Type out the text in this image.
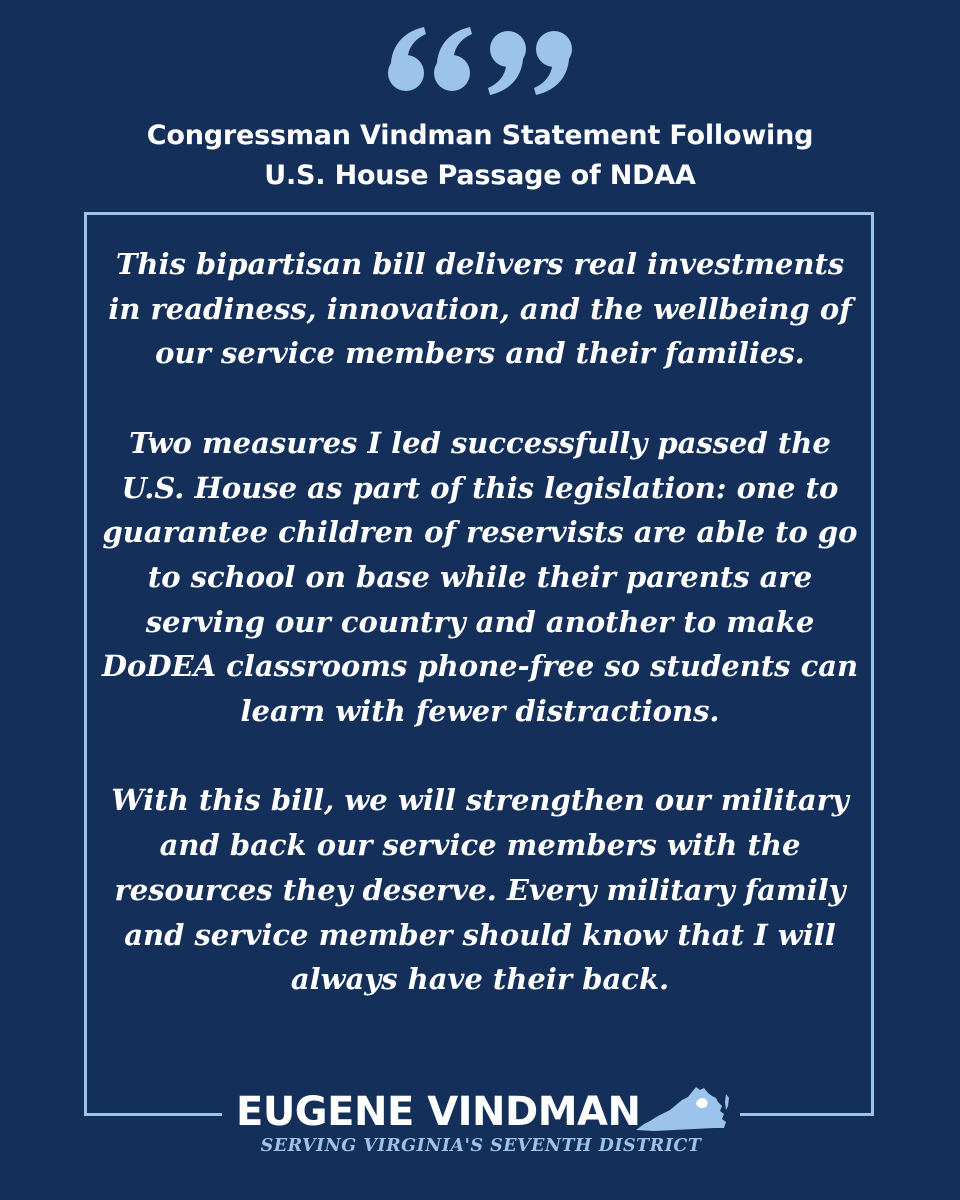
Congressman Vindman Statement Following
U.S. House Passage of NDAA

This bipartisan bill delivers real investments in readiness, innovation, and the wellbeing of our service members and their families.

Two measures I led successfully passed the U.S. House as part of this legislation: one to guarantee children of reservists are able to go to school on base while their parents are serving our country and another to make DoDEA classrooms phone-free so students can learn with fewer distractions.

With this bill, we will strengthen our military and back our service members with the resources they deserve. Every military family and service member should know that I will always have their back.

EUGENE VINDMAN
SERVING VIRGINIA'S SEVENTH DISTRICT
